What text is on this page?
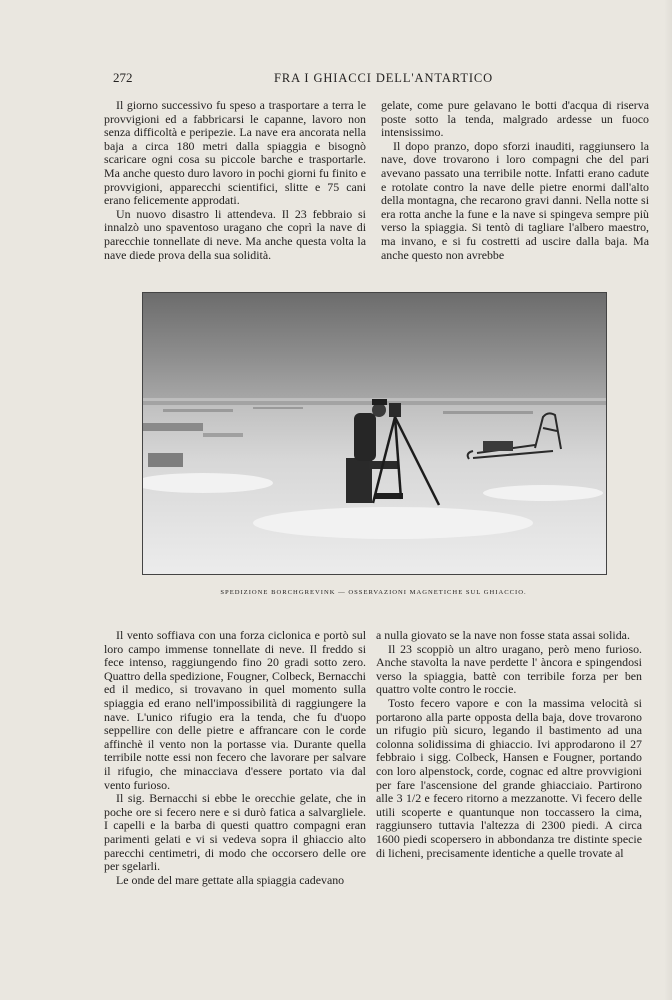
272	FRA I GHIACCI DELL'ANTARTICO

Il giorno successivo fu speso a trasportare a terra le provvigioni ed a fabbricarsi le capanne, lavoro non senza difficoltà e peripezie. La nave era ancorata nella baja a circa 180 metri dalla spiaggia e bisognò scaricare ogni cosa su piccole barche e trasportarle. Ma anche questo duro lavoro in pochi giorni fu finito e provvigioni, apparecchi scientifici, slitte e 75 cani erano felicemente approdati.

Un nuovo disastro li attendeva. Il 23 febbraio si innalzò uno spaventoso uragano che coprì la nave di parecchie tonnellate di neve. Ma anche questa volta la nave diede prova della sua solidità.

gelate, come pure gelavano le botti d'acqua di riserva poste sotto la tenda, malgrado ardesse un fuoco intensissimo.

Il dopo pranzo, dopo sforzi inauditi, raggiunsero la nave, dove trovarono i loro compagni che del pari avevano passato una terribile notte. Infatti erano cadute e rotolate contro la nave delle pietre enormi dall'alto della montagna, che recarono gravi danni. Nella notte si era rotta anche la fune e la nave si spingeva sempre più verso la spiaggia. Si tentò di tagliare l'albero maestro, ma invano, e si fu costretti ad uscire dalla baja. Ma anche questo non avrebbe

SPEDIZIONE BORCHGREVINK — OSSERVAZIONI MAGNETICHE SUL GHIACCIO.

Il vento soffiava con una forza ciclonica e portò sul loro campo immense tonnellate di neve. Il freddo si fece intenso, raggiungendo fino 20 gradi sotto zero. Quattro della spedizione, Fougner, Colbeck, Bernacchi ed il medico, si trovavano in quel momento sulla spiaggia ed erano nell'impossibilità di raggiungere la nave. L'unico rifugio era la tenda, che fu d'uopo seppellire con delle pietre e affrancare con le corde affinchè il vento non la portasse via. Durante quella terribile notte essi non fecero che lavorare per salvare il rifugio, che minacciava d'essere portato via dal vento furioso.

Il sig. Bernacchi si ebbe le orecchie gelate, che in poche ore si fecero nere e si durò fatica a salvargliele. I capelli e la barba di questi quattro compagni eran parimenti gelati e vi si vedeva sopra il ghiaccio alto parecchi centimetri, di modo che occorsero delle ore per sgelarli.

Le onde del mare gettate alla spiaggia cadevano

a nulla giovato se la nave non fosse stata assai solida.

Il 23 scoppiò un altro uragano, però meno furioso. Anche stavolta la nave perdette l' àncora e spingendosi verso la spiaggia, battè con terribile forza per ben quattro volte contro le roccie.

Tosto fecero vapore e con la massima velocità si portarono alla parte opposta della baja, dove trovarono un rifugio più sicuro, legando il bastimento ad una colonna solidissima di ghiaccio. Ivi approdarono il 27 febbraio i sigg. Colbeck, Hansen e Fougner, portando con loro alpenstock, corde, cognac ed altre provvigioni per fare l'ascensione del grande ghiacciaio. Partirono alle 3 1/2 e fecero ritorno a mezzanotte. Vi fecero delle utili scoperte e quantunque non toccassero la cima, raggiunsero tuttavia l'altezza di 2300 piedi. A circa 1600 piedi scopersero in abbondanza tre distinte specie di licheni, precisamente identiche a quelle trovate al
